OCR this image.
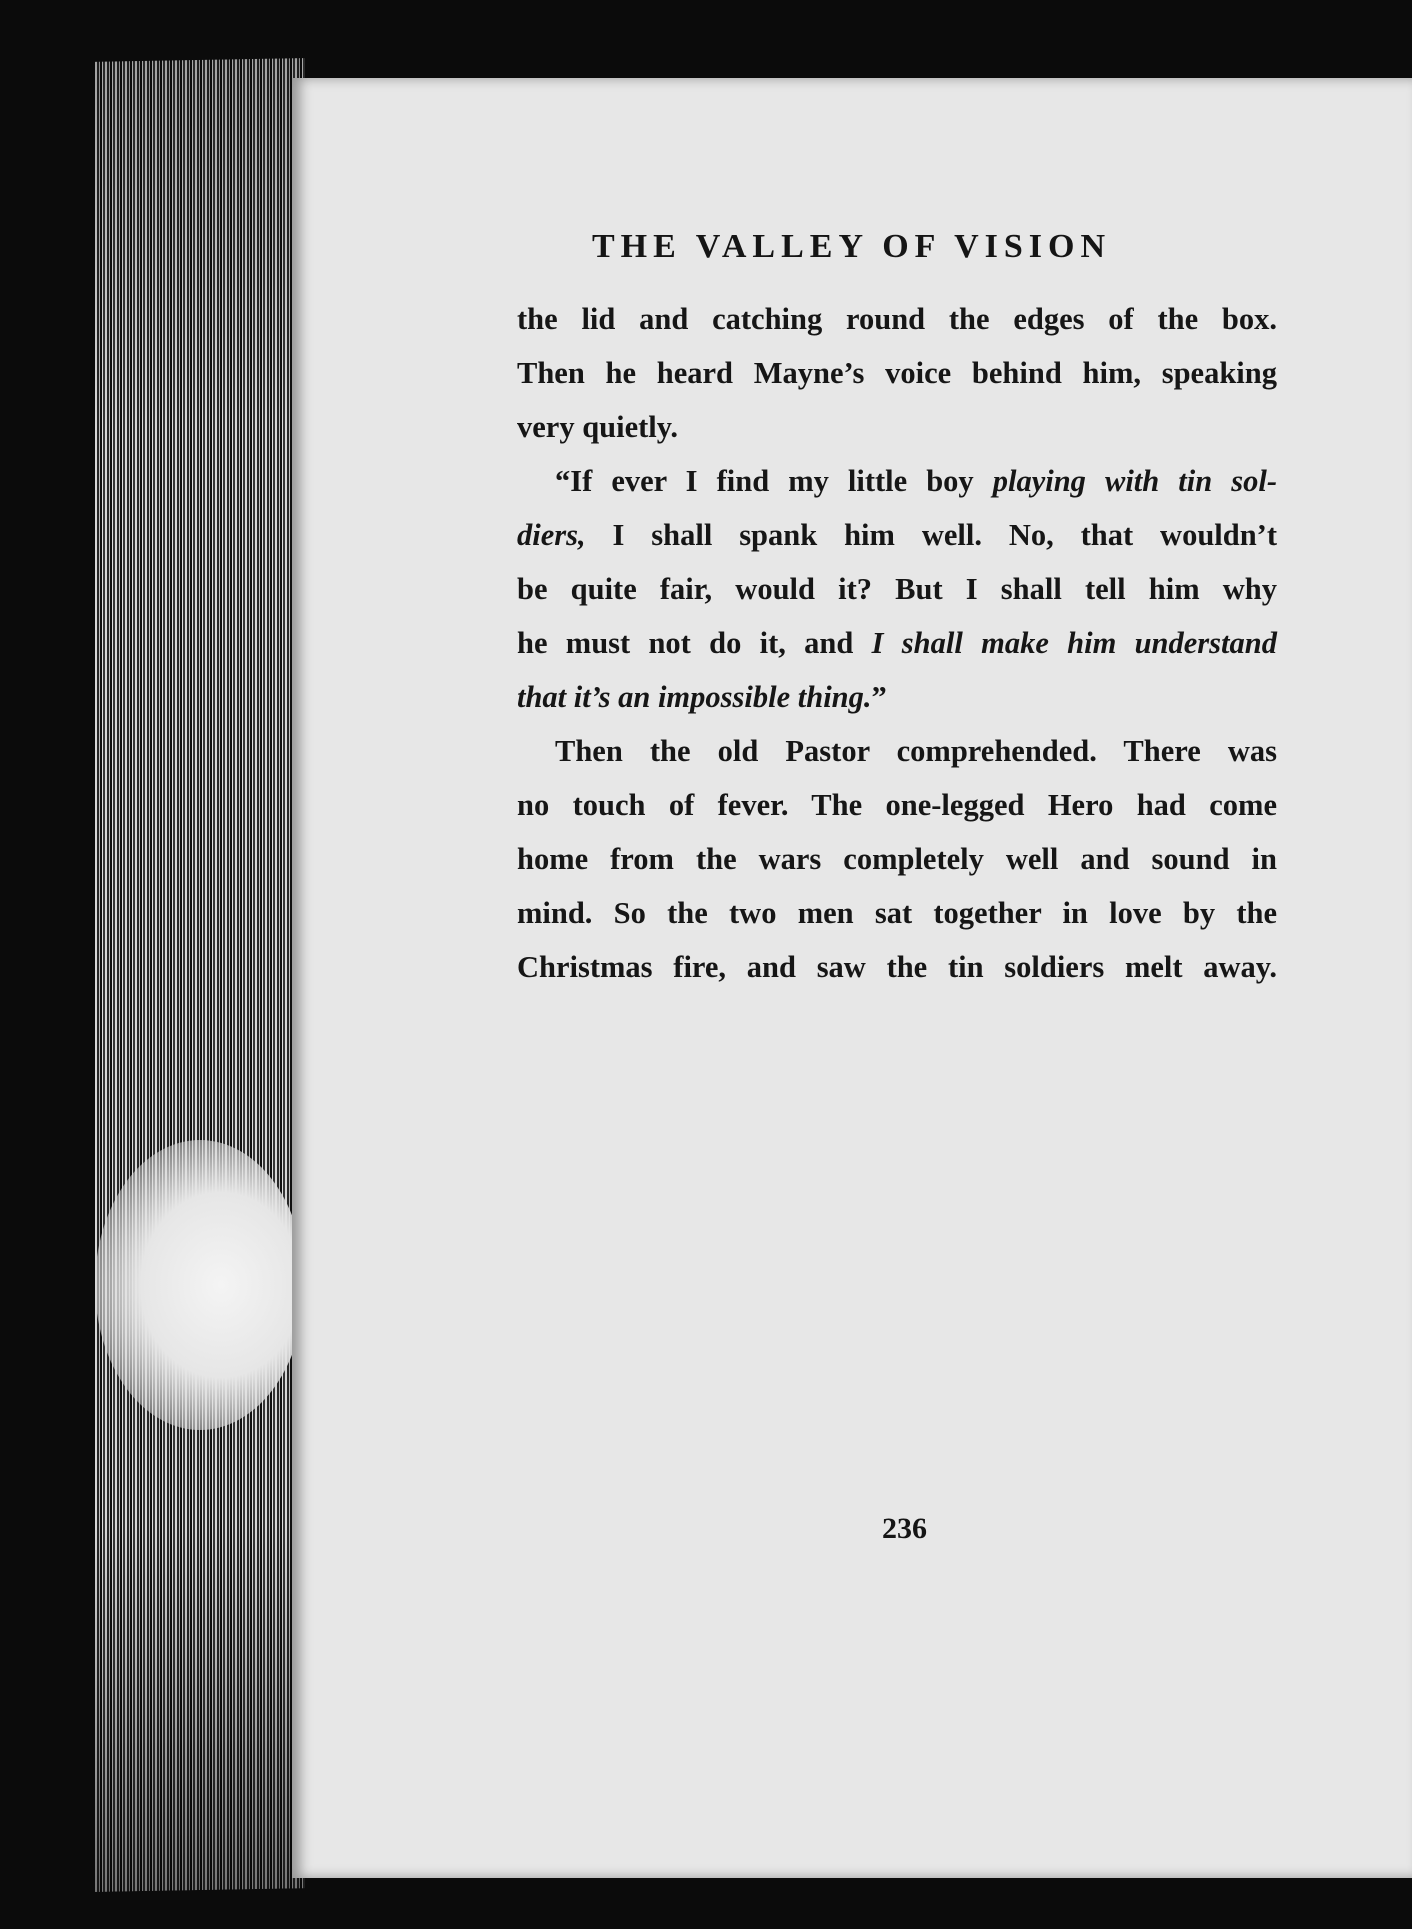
THE VALLEY OF VISION
the lid and catching round the edges of the box.
Then he heard Mayne’s voice behind him, speaking
very quietly.
“If ever I find my little boy playing with tin sol-
diers, I shall spank him well. No, that wouldn’t
be quite fair, would it? But I shall tell him why
he must not do it, and I shall make him understand
that it’s an impossible thing.”
Then the old Pastor comprehended. There was
no touch of fever. The one-legged Hero had come
home from the wars completely well and sound in
mind. So the two men sat together in love by the
Christmas fire, and saw the tin soldiers melt away.
236
